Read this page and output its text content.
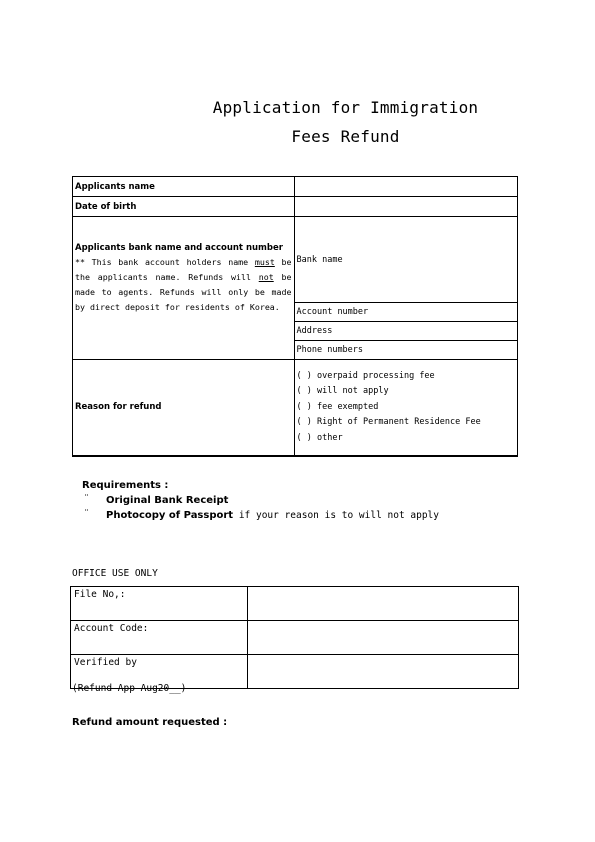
Application for Immigration
Fees Refund
Applicants name	
Date of birth	

Applicants bank name and account number
** This bank account holders name must be the applicants name. Refunds will not be made to agents. Refunds will only be made by direct deposit for residents of Korea.	Bank name
	Account number
	Address
	Phone numbers
Reason for refund	( ) overpaid processing fee
( ) will not apply
( ) fee exempted
( ) Right of Permanent Residence Fee
( ) other
Requirements :
¨ Original Bank Receipt
¨ Photocopy of Passport if your reason is to will not apply
OFFICE USE ONLY
File No,:	
Account Code:	
Verified by	
(Refund App Aug20__)
Refund amount requested :
